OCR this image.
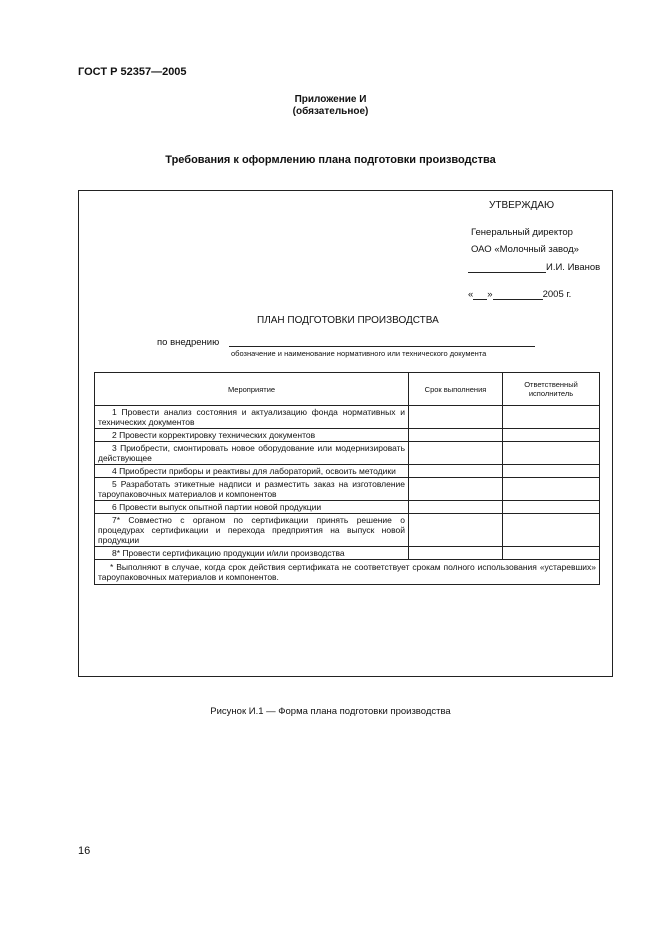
ГОСТ Р 52357—2005
Приложение И
(обязательное)
Требования к оформлению плана подготовки производства
УТВЕРЖДАЮ
Генеральный директор
ОАО «Молочный завод»
И.И. Иванов
« »	2005 г.
ПЛАН ПОДГОТОВКИ ПРОИЗВОДСТВА
по внедрению
обозначение и наименование нормативного или технического документа
Мероприятие	Срок выполнения	Ответственный исполнитель

1 Провести анализ состояния и актуализацию фонда нормативных и технических документов		

2 Провести корректировку технических документов		

3 Приобрести, смонтировать новое оборудование или модернизировать действующее		

4 Приобрести приборы и реактивы для лабораторий, освоить методики		

5 Разработать этикетные надписи и разместить заказ на изготовление тароупаковочных материалов и компонентов		

6 Провести выпуск опытной партии новой продукции		

7* Совместно с органом по сертификации принять решение о процедурах сертификации и перехода предприятия на выпуск новой продукции		

8* Провести сертификацию продукции и/или производства		

* Выполняют в случае, когда срок действия сертификата не соответствует срокам полного использования «устаревших» тароупаковочных материалов и компонентов.		
Рисунок И.1 — Форма плана подготовки производства
16
